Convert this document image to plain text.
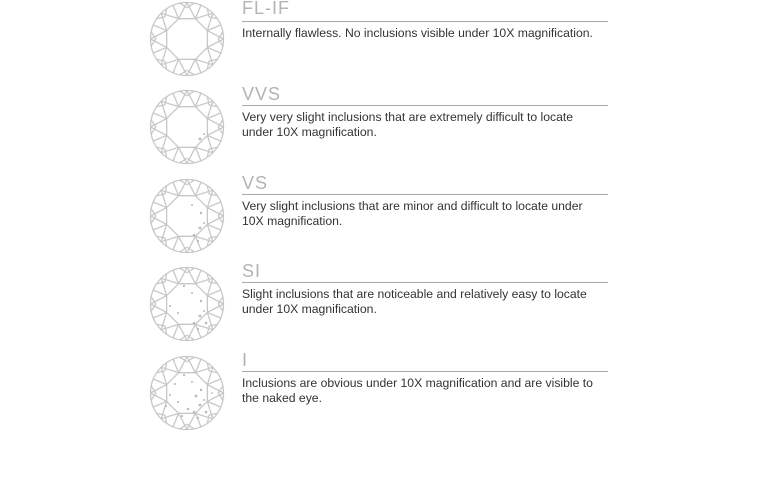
FL-IF
Internally flawless. No inclusions visible under 10X magnification.
VVS
Very very slight inclusions that are extremely difficult to locate under 10X magnification.
VS
Very slight inclusions that are minor and difficult to locate under 10X magnification.
SI
Slight inclusions that are noticeable and relatively easy to locate under 10X magnification.
I
Inclusions are obvious under 10X magnification and are visible to the naked eye.
